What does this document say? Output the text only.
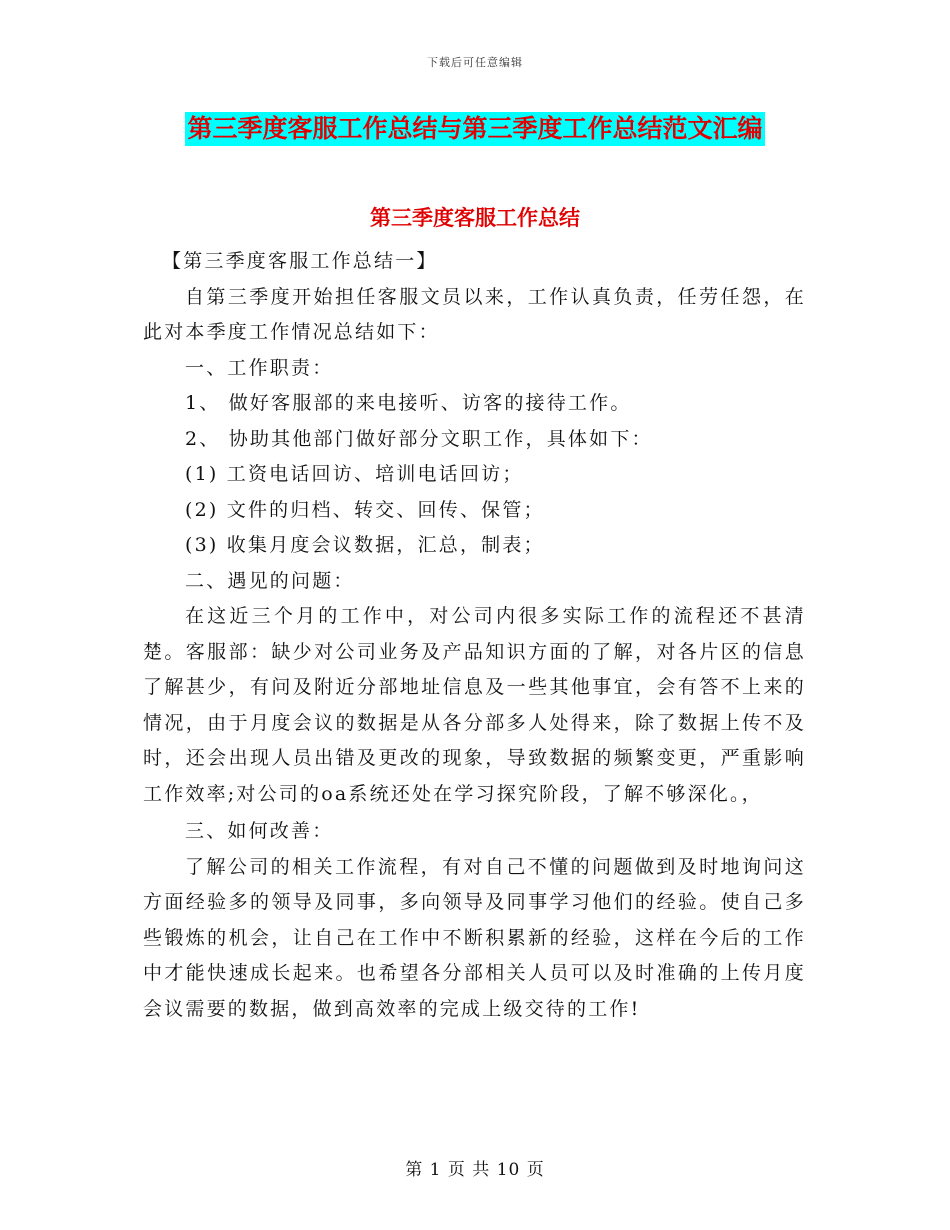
下载后可任意编辑
第三季度客服工作总结与第三季度工作总结范文汇编
第三季度客服工作总结

【第三季度客服工作总结一】

自第三季度开始担任客服文员以来，工作认真负责，任劳任怨，在此对本季度工作情况总结如下：

一、工作职责：

1、 做好客服部的来电接听、访客的接待工作。

2、 协助其他部门做好部分文职工作，具体如下：

(1) 工资电话回访、培训电话回访；

(2) 文件的归档、转交、回传、保管；

(3) 收集月度会议数据，汇总，制表；

二、遇见的问题：

在这近三个月的工作中，对公司内很多实际工作的流程还不甚清楚。客服部：缺少对公司业务及产品知识方面的了解，对各片区的信息了解甚少，有问及附近分部地址信息及一些其他事宜，会有答不上来的情况，由于月度会议的数据是从各分部多人处得来，除了数据上传不及时，还会出现人员出错及更改的现象，导致数据的频繁变更，严重影响工作效率;对公司的oa系统还处在学习探究阶段，了解不够深化。，

三、如何改善：

了解公司的相关工作流程，有对自己不懂的问题做到及时地询问这方面经验多的领导及同事，多向领导及同事学习他们的经验。使自己多些锻炼的机会，让自己在工作中不断积累新的经验，这样在今后的工作中才能快速成长起来。也希望各分部相关人员可以及时准确的上传月度会议需要的数据，做到高效率的完成上级交待的工作!

第 1 页 共 10 页
